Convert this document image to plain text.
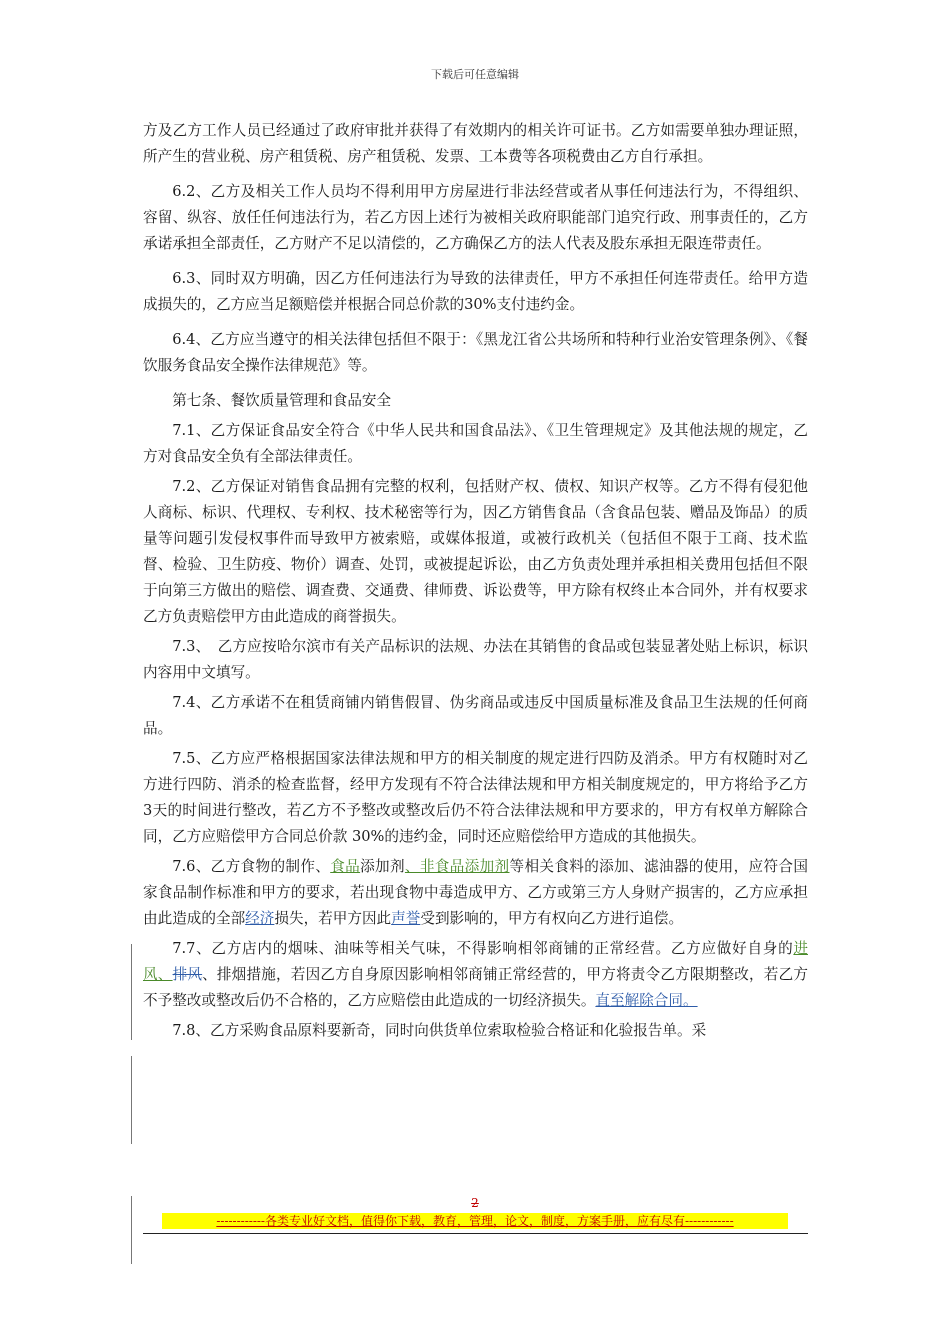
下载后可任意编辑

方及乙方工作人员已经通过了政府审批并获得了有效期内的相关许可证书。乙方如需要单独办理证照，所产生的营业税、房产租赁税、房产租赁税、发票、工本费等各项税费由乙方自行承担。

6.2、乙方及相关工作人员均不得利用甲方房屋进行非法经营或者从事任何违法行为，不得组织、容留、纵容、放任任何违法行为，若乙方因上述行为被相关政府职能部门追究行政、刑事责任的，乙方承诺承担全部责任，乙方财产不足以清偿的，乙方确保乙方的法人代表及股东承担无限连带责任。

6.3、同时双方明确，因乙方任何违法行为导致的法律责任，甲方不承担任何连带责任。给甲方造成损失的，乙方应当足额赔偿并根据合同总价款的30%支付违约金。

6.4、乙方应当遵守的相关法律包括但不限于：《黑龙江省公共场所和特种行业治安管理条例》、《餐饮服务食品安全操作法律规范》等。

第七条、餐饮质量管理和食品安全

7.1、乙方保证食品安全符合《中华人民共和国食品法》、《卫生管理规定》及其他法规的规定，乙方对食品安全负有全部法律责任。

7.2、乙方保证对销售食品拥有完整的权利，包括财产权、债权、知识产权等。乙方不得有侵犯他人商标、标识、代理权、专利权、技术秘密等行为，因乙方销售食品（含食品包装、赠品及饰品）的质量等问题引发侵权事件而导致甲方被索赔，或媒体报道，或被行政机关（包括但不限于工商、技术监督、检验、卫生防疫、物价）调查、处罚，或被提起诉讼，由乙方负责处理并承担相关费用包括但不限于向第三方做出的赔偿、调查费、交通费、律师费、诉讼费等，甲方除有权终止本合同外，并有权要求乙方负责赔偿甲方由此造成的商誉损失。

7.3、　乙方应按哈尔滨市有关产品标识的法规、办法在其销售的食品或包装显著处贴上标识，标识内容用中文填写。

7.4、乙方承诺不在租赁商铺内销售假冒、伪劣商品或违反中国质量标准及食品卫生法规的任何商品。

7.5、乙方应严格根据国家法律法规和甲方的相关制度的规定进行四防及消杀。甲方有权随时对乙方进行四防、消杀的检查监督，经甲方发现有不符合法律法规和甲方相关制度规定的，甲方将给予乙方3天的时间进行整改，若乙方不予整改或整改后仍不符合法律法规和甲方要求的，甲方有权单方解除合同，乙方应赔偿甲方合同总价款 30%的违约金，同时还应赔偿给甲方造成的其他损失。

7.6、乙方食物的制作、食品添加剂、非食品添加剂等相关食料的添加、滤油器的使用，应符合国家食品制作标准和甲方的要求，若出现食物中毒造成甲方、乙方或第三方人身财产损害的，乙方应承担由此造成的全部经济损失，若甲方因此声誉受到影响的，甲方有权向乙方进行追偿。

7.7、乙方店内的烟味、油味等相关气味，不得影响相邻商铺的正常经营。乙方应做好自身的进风、排风、排烟措施，若因乙方自身原因影响相邻商铺正常经营的，甲方将责令乙方限期整改，若乙方不予整改或整改后仍不合格的，乙方应赔偿由此造成的一切经济损失。直至解除合同。

7.8、乙方采购食品原料要新奇，同时向供货单位索取检验合格证和化验报告单。采

2
------------各类专业好文档，值得你下载，教育，管理，论文，制度，方案手册，应有尽有------------
